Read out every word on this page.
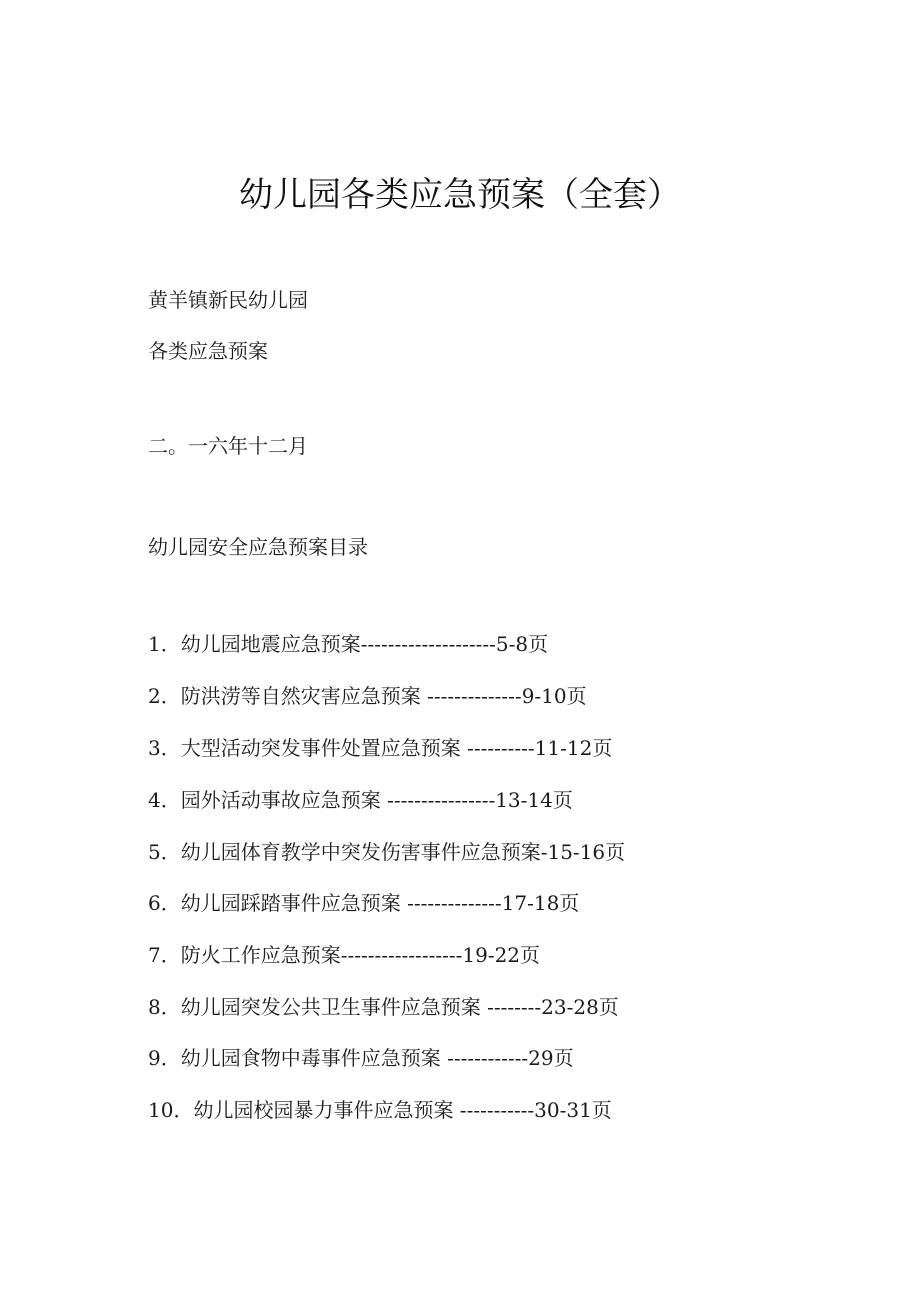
幼儿园各类应急预案（全套）
黄羊镇新民幼儿园
各类应急预案
二。一六年十二月
幼儿园安全应急预案目录
1．幼儿园地震应急预案--------------------5-8页
2．防洪涝等自然灾害应急预案 --------------9-10页
3．大型活动突发事件处置应急预案 ----------11-12页
4．园外活动事故应急预案 ----------------13-14页
5．幼儿园体育教学中突发伤害事件应急预案-15-16页
6．幼儿园踩踏事件应急预案 --------------17-18页
7．防火工作应急预案------------------19-22页
8．幼儿园突发公共卫生事件应急预案 --------23-28页
9．幼儿园食物中毒事件应急预案 ------------29页
10．幼儿园校园暴力事件应急预案 -----------30-31页
